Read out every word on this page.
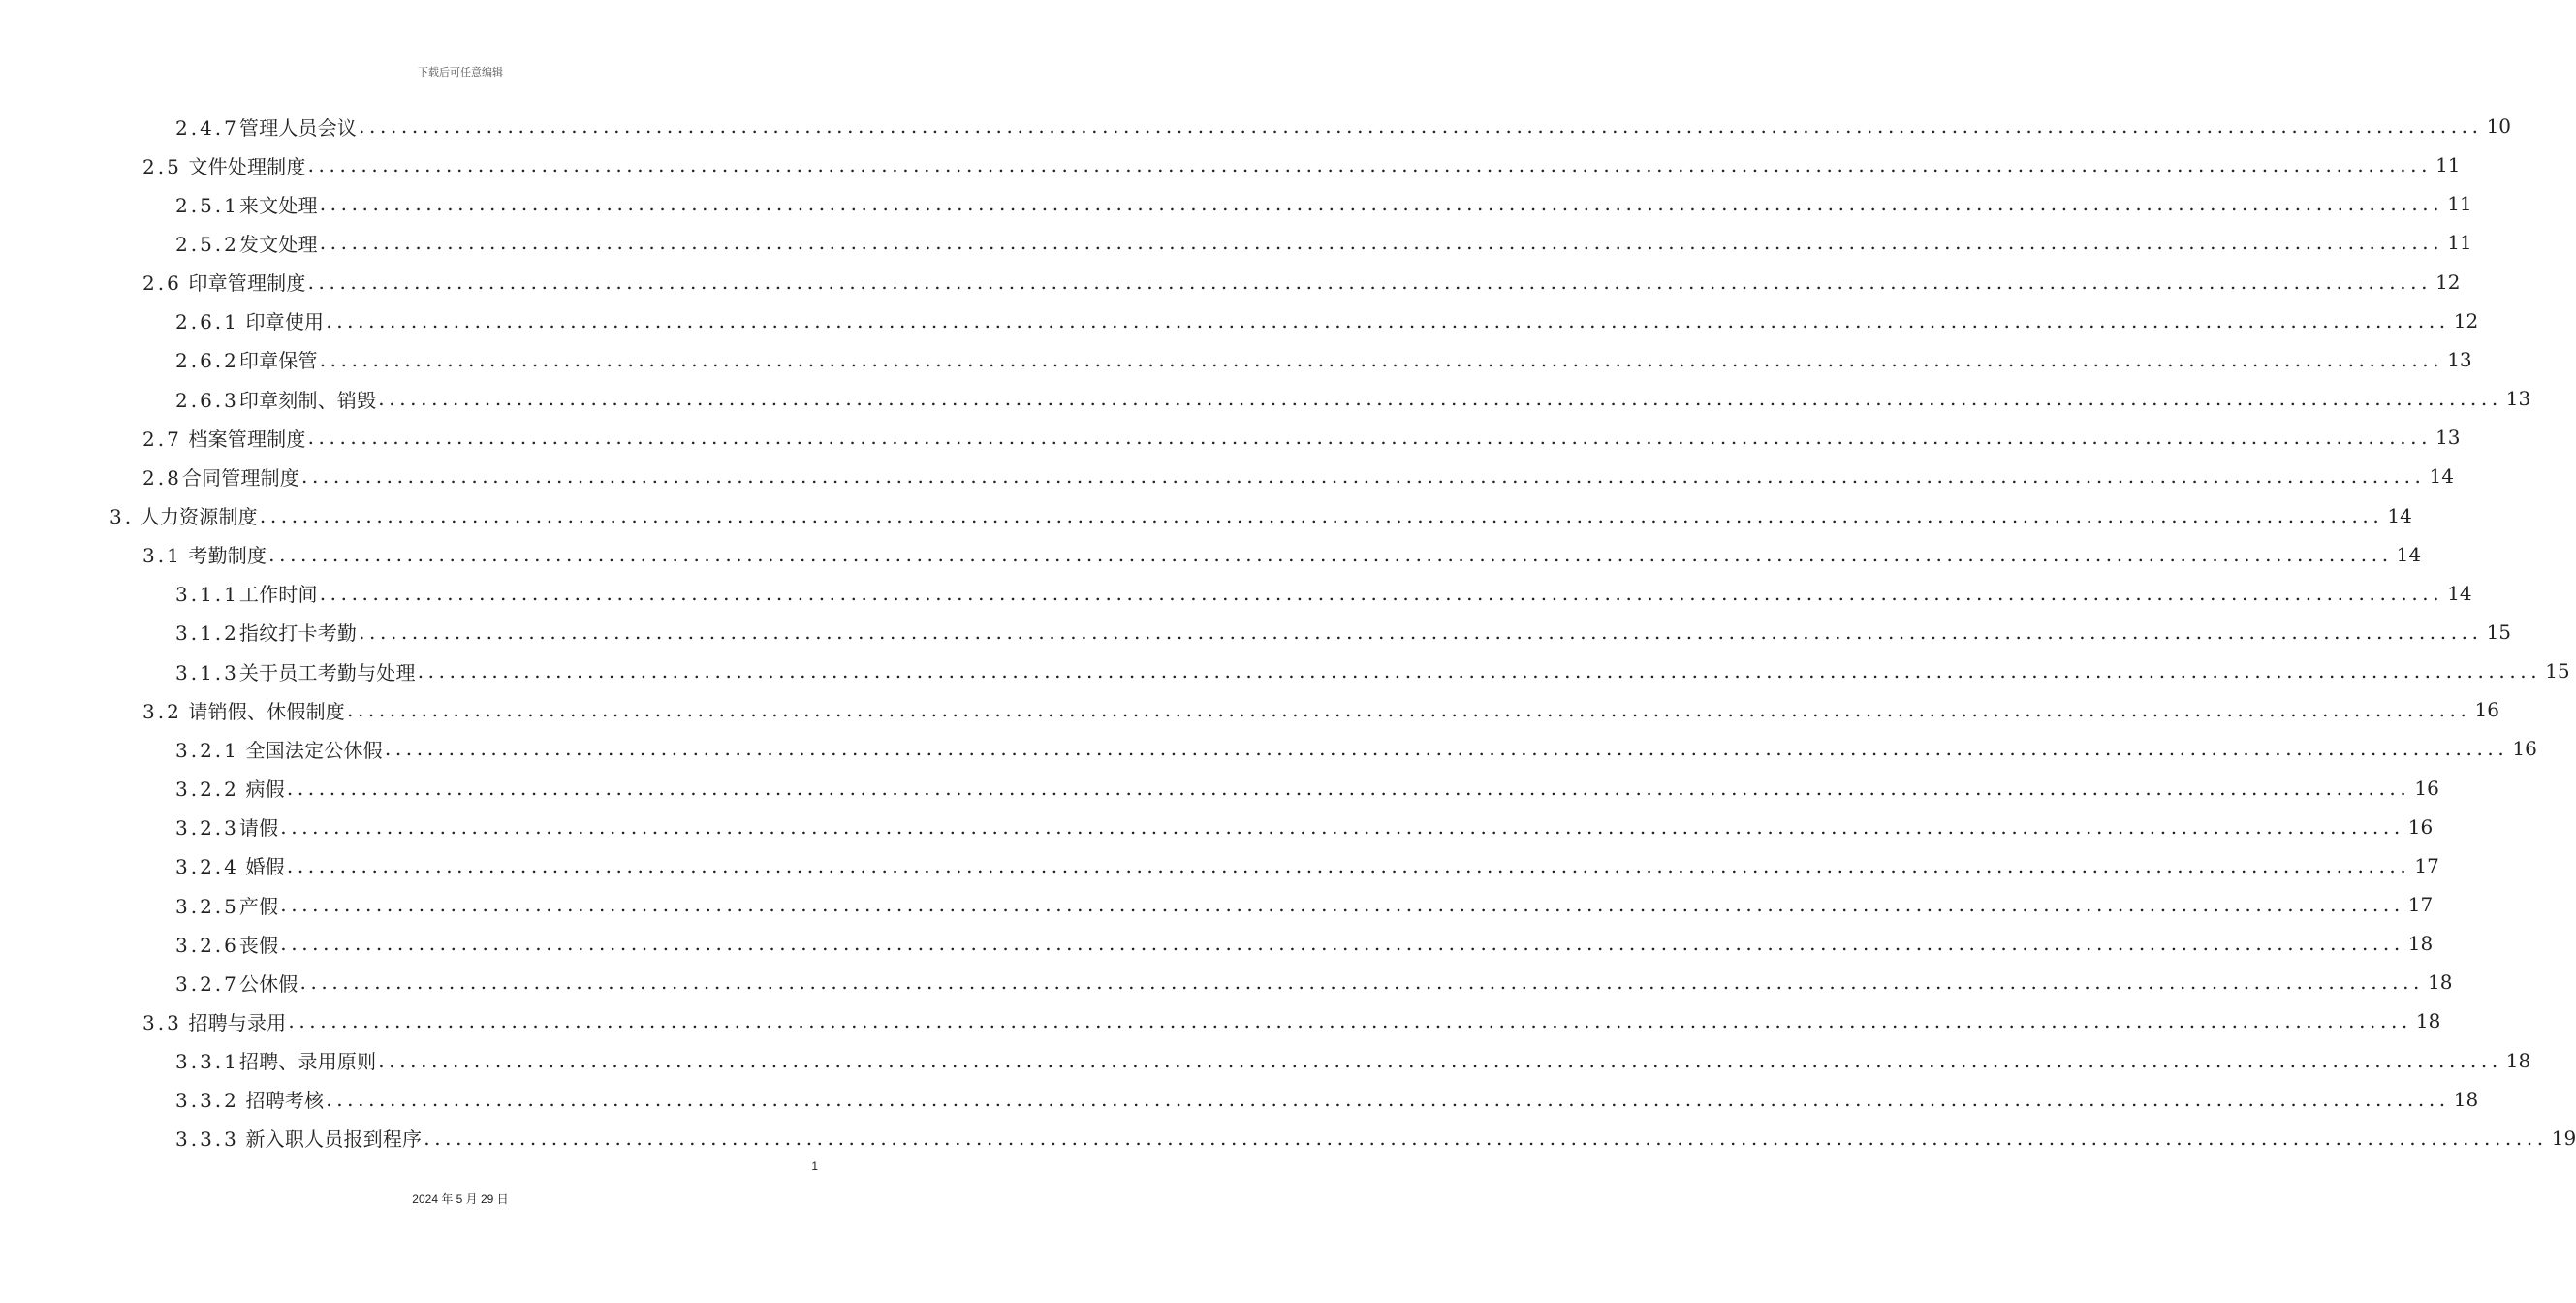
下载后可任意编辑
2.4.7管理人员会议 ........................................................................................................................................................................................................ 10
2.5 文件处理制度 ........................................................................................................................................................................................................ 11
2.5.1来文处理 ........................................................................................................................................................................................................ 11
2.5.2发文处理 ........................................................................................................................................................................................................ 11
2.6 印章管理制度 ........................................................................................................................................................................................................ 12
2.6.1 印章使用 ........................................................................................................................................................................................................ 12
2.6.2印章保管 ........................................................................................................................................................................................................ 13
2.6.3印章刻制、销毁 ........................................................................................................................................................................................................ 13
2.7 档案管理制度 ........................................................................................................................................................................................................ 13
2.8合同管理制度 ........................................................................................................................................................................................................ 14
3. 人力资源制度 ........................................................................................................................................................................................................ 14
3.1 考勤制度 ........................................................................................................................................................................................................ 14
3.1.1工作时间 ........................................................................................................................................................................................................ 14
3.1.2指纹打卡考勤 ........................................................................................................................................................................................................ 15
3.1.3关于员工考勤与处理 ........................................................................................................................................................................................................ 15
3.2 请销假、休假制度 ........................................................................................................................................................................................................ 16
3.2.1 全国法定公休假 ........................................................................................................................................................................................................ 16
3.2.2 病假 ........................................................................................................................................................................................................ 16
3.2.3请假 ........................................................................................................................................................................................................ 16
3.2.4 婚假 ........................................................................................................................................................................................................ 17
3.2.5产假 ........................................................................................................................................................................................................ 17
3.2.6丧假 ........................................................................................................................................................................................................ 18
3.2.7公休假 ........................................................................................................................................................................................................ 18
3.3 招聘与录用 ........................................................................................................................................................................................................ 18
3.3.1招聘、录用原则 ........................................................................................................................................................................................................ 18
3.3.2 招聘考核 ........................................................................................................................................................................................................ 18
3.3.3 新入职人员报到程序 ........................................................................................................................................................................................................ 19
1
2024 年 5 月 29 日
